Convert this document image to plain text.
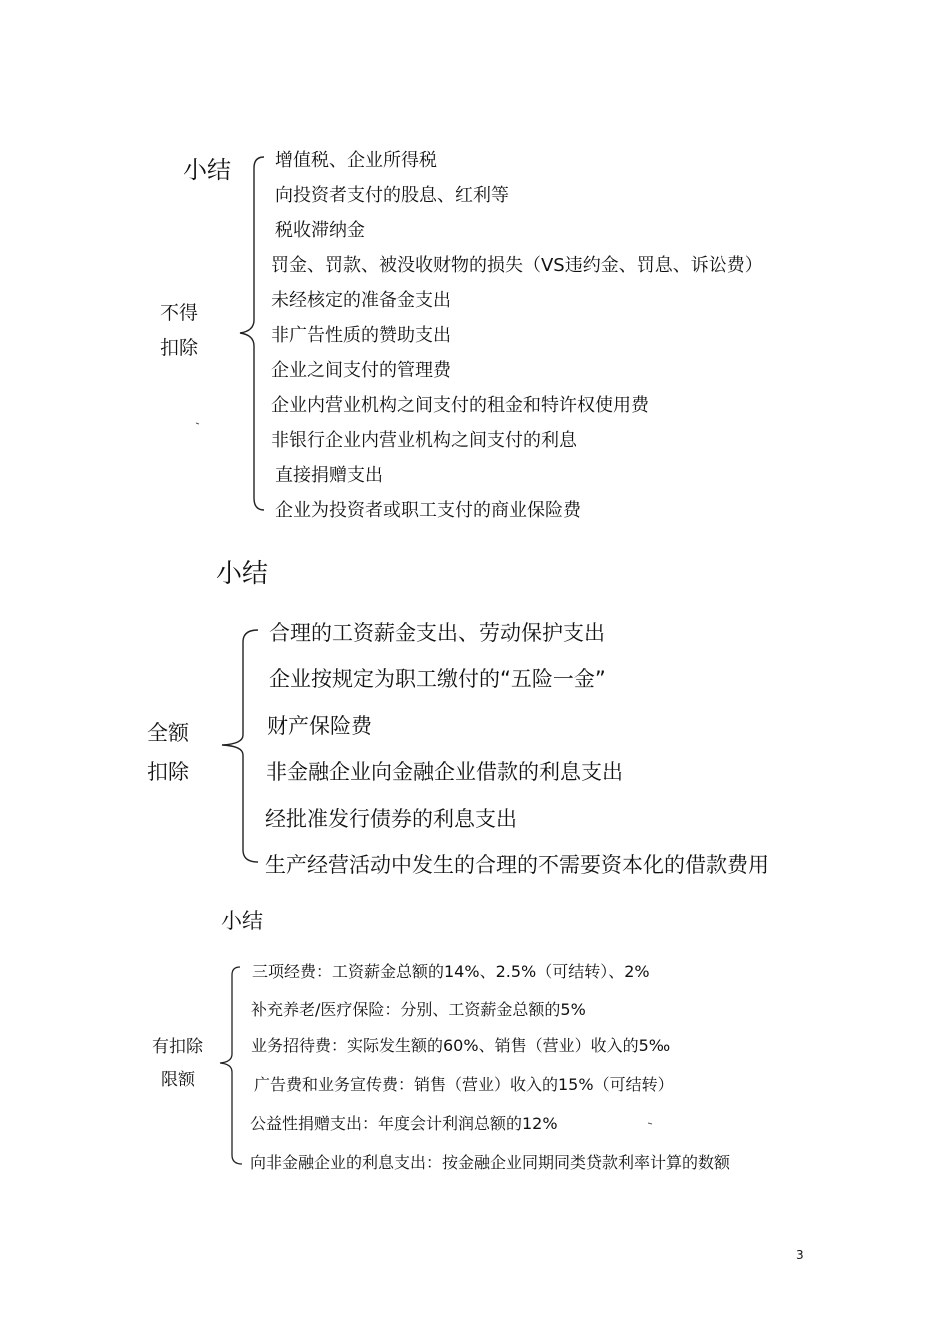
小结
不得
扣除
增值税、企业所得税
向投资者支付的股息、红利等
税收滞纳金
罚金、罚款、被没收财物的损失（VS违约金、罚息、诉讼费）
未经核定的准备金支出
非广告性质的赞助支出
企业之间支付的管理费
企业内营业机构之间支付的租金和特许权使用费
非银行企业内营业机构之间支付的利息
直接捐赠支出
企业为投资者或职工支付的商业保险费
小结
全额
扣除
合理的工资薪金支出、劳动保护支出
企业按规定为职工缴付的“五险一金”
财产保险费
非金融企业向金融企业借款的利息支出
经批准发行债券的利息支出
生产经营活动中发生的合理的不需要资本化的借款费用
小结
有扣除
限额
三项经费：工资薪金总额的14%、2.5%（可结转）、2%
补充养老/医疗保险：分别、工资薪金总额的5%
业务招待费：实际发生额的60%、销售（营业）收入的5‰
广告费和业务宣传费：销售（营业）收入的15%（可结转）
公益性捐赠支出：年度会计利润总额的12%
向非金融企业的利息支出：按金融企业同期同类贷款利率计算的数额
3
